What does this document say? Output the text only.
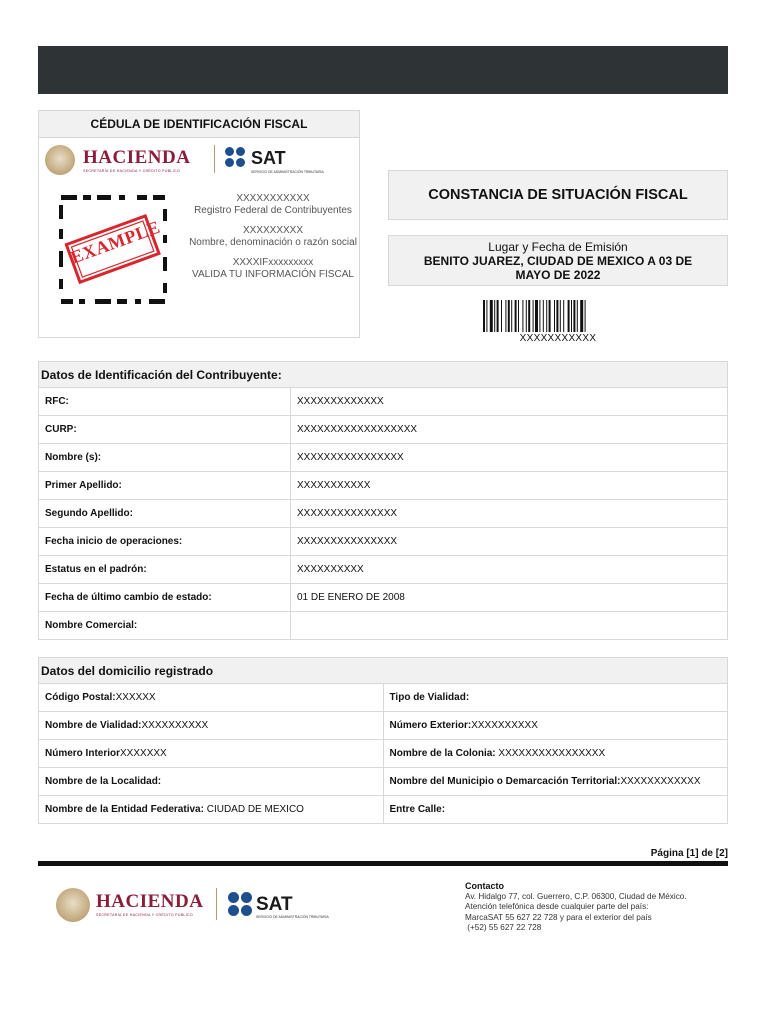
CÉDULA DE IDENTIFICACIÓN FISCAL
HACIENDA
SECRETARÍA DE HACIENDA Y CRÉDITO PÚBLICO
SAT
SERVICIO DE ADMINISTRACIÓN TRIBUTARIA
EXAMPLE
XXXXXXXXXXX
Registro Federal de Contribuyentes
XXXXXXXXX
Nombre, denominación o razón social
XXXXIFxxxxxxxxx
VALIDA TU INFORMACIÓN FISCAL
CONSTANCIA DE SITUACIÓN FISCAL
Lugar y Fecha de Emisión
BENITO JUAREZ, CIUDAD DE MEXICO A 03 DE MAYO DE 2022
XXXXXXXXXXX
Datos de Identificación del Contribuyente:
RFC:	XXXXXXXXXXXXX
CURP:	XXXXXXXXXXXXXXXXXX
Nombre (s):	XXXXXXXXXXXXXXXX
Primer Apellido:	XXXXXXXXXXX
Segundo Apellido:	XXXXXXXXXXXXXXX
Fecha inicio de operaciones:	XXXXXXXXXXXXXXX
Estatus en el padrón:	XXXXXXXXXX
Fecha de último cambio de estado:	01 DE ENERO DE 2008
Nombre Comercial:	
Datos del domicilio registrado
Código Postal:XXXXXX	Tipo de Vialidad:
Nombre de Vialidad:XXXXXXXXXX	Número Exterior:XXXXXXXXXX
Número InteriorXXXXXXX	Nombre de la Colonia: XXXXXXXXXXXXXXXX
Nombre de la Localidad:	Nombre del Municipio o Demarcación Territorial:XXXXXXXXXXXX
Nombre de la Entidad Federativa: CIUDAD DE MEXICO	Entre Calle:
Página [1] de [2]
HACIENDA
SECRETARÍA DE HACIENDA Y CRÉDITO PÚBLICO	SAT
SERVICIO DE ADMINISTRACIÓN TRIBUTARIA
Contacto
Av. Hidalgo 77, col. Guerrero, C.P. 06300, Ciudad de México.
Atención telefónica desde cualquier parte del país:
MarcaSAT 55 627 22 728 y para el exterior del país
(+52) 55 627 22 728
